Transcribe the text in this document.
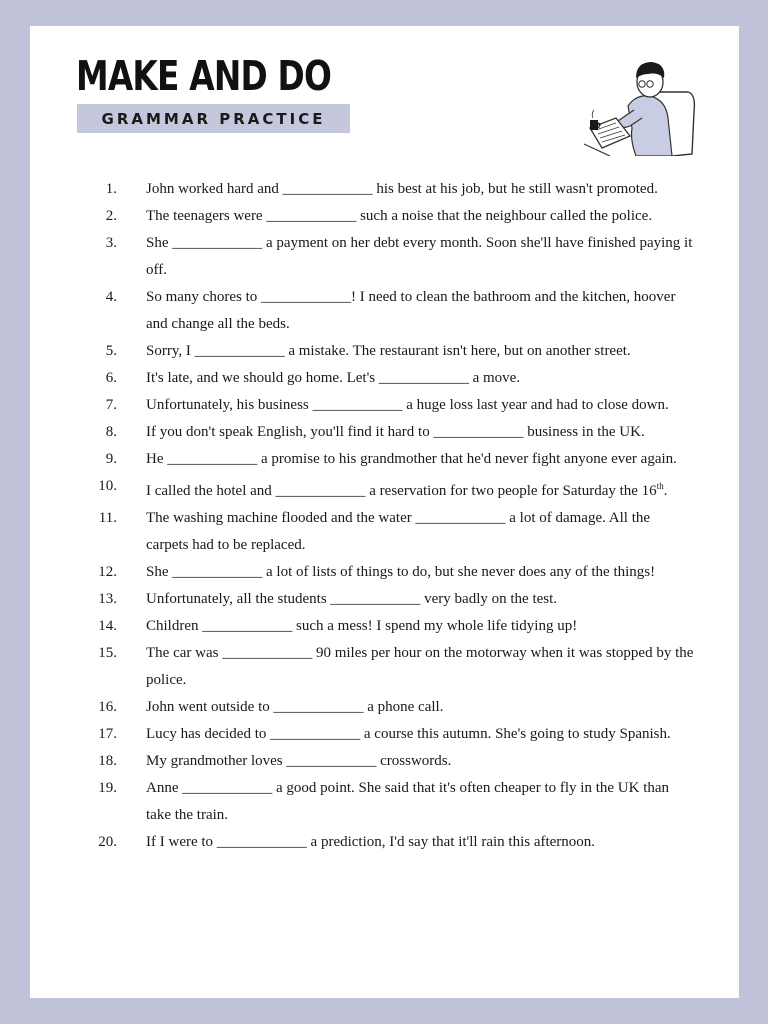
MAKE AND DO
GRAMMAR PRACTICE
1. John worked hard and ____________ his best at his job, but he still wasn't promoted.
2. The teenagers were ____________ such a noise that the neighbour called the police.
3. She ____________ a payment on her debt every month. Soon she'll have finished paying it off.
4. So many chores to ____________! I need to clean the bathroom and the kitchen, hoover and change all the beds.
5. Sorry, I ____________ a mistake. The restaurant isn't here, but on another street.
6. It's late, and we should go home. Let's ____________ a move.
7. Unfortunately, his business ____________ a huge loss last year and had to close down.
8. If you don't speak English, you'll find it hard to ____________ business in the UK.
9. He ____________ a promise to his grandmother that he'd never fight anyone ever again.
10. I called the hotel and ____________ a reservation for two people for Saturday the 16th.
11. The washing machine flooded and the water ____________ a lot of damage. All the carpets had to be replaced.
12. She ____________ a lot of lists of things to do, but she never does any of the things!
13. Unfortunately, all the students ____________ very badly on the test.
14. Children ____________ such a mess! I spend my whole life tidying up!
15. The car was ____________ 90 miles per hour on the motorway when it was stopped by the police.
16. John went outside to ____________ a phone call.
17. Lucy has decided to ____________ a course this autumn. She's going to study Spanish.
18. My grandmother loves ____________ crosswords.
19. Anne ____________ a good point. She said that it's often cheaper to fly in the UK than take the train.
20. If I were to ____________ a prediction, I'd say that it'll rain this afternoon.
